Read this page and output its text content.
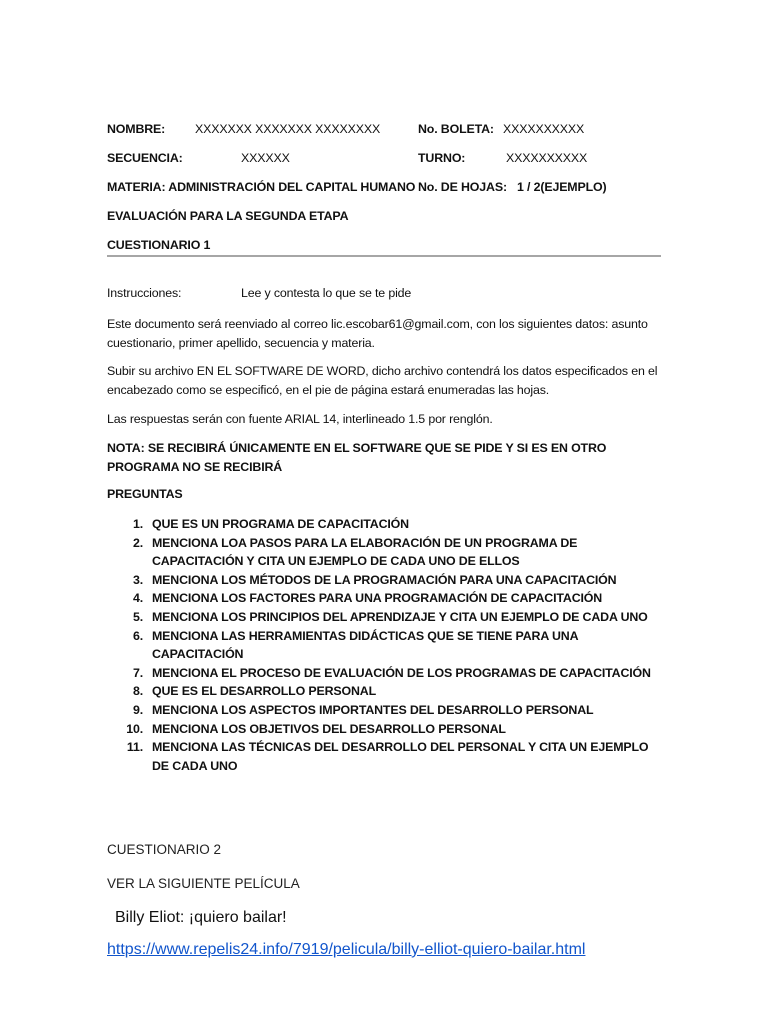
NOMBRE: XXXXXXX XXXXXXX XXXXXXXX	No. BOLETA: XXXXXXXXXX
SECUENCIA:	XXXXXX	TURNO:	XXXXXXXXXX
MATERIA: ADMINISTRACIÓN DEL CAPITAL HUMANO No. DE HOJAS: 1 / 2(EJEMPLO)
EVALUACIÓN PARA LA SEGUNDA ETAPA
CUESTIONARIO 1
Instrucciones:	Lee y contesta lo que se te pide
Este documento será reenviado al correo lic.escobar61@gmail.com, con los siguientes datos: asunto cuestionario, primer apellido, secuencia y materia.
Subir su archivo EN EL SOFTWARE DE WORD, dicho archivo contendrá los datos especificados en el encabezado como se especificó, en el pie de página estará enumeradas las hojas.
Las respuestas serán con fuente ARIAL 14, interlineado 1.5 por renglón.
NOTA: SE RECIBIRÁ ÚNICAMENTE EN EL SOFTWARE QUE SE PIDE Y SI ES EN OTRO PROGRAMA NO SE RECIBIRÁ
PREGUNTAS
1. QUE ES UN PROGRAMA DE CAPACITACIÓN
2. MENCIONA LOA PASOS PARA LA ELABORACIÓN DE UN PROGRAMA DE CAPACITACIÓN Y CITA UN EJEMPLO DE CADA UNO DE ELLOS
3. MENCIONA LOS MÉTODOS DE LA PROGRAMACIÓN PARA UNA CAPACITACIÓN
4. MENCIONA LOS FACTORES PARA UNA PROGRAMACIÓN DE CAPACITACIÓN
5. MENCIONA LOS PRINCIPIOS DEL APRENDIZAJE Y CITA UN EJEMPLO DE CADA UNO
6. MENCIONA LAS HERRAMIENTAS DIDÁCTICAS QUE SE TIENE PARA UNA CAPACITACIÓN
7. MENCIONA EL PROCESO DE EVALUACIÓN DE LOS PROGRAMAS DE CAPACITACIÓN
8. QUE ES EL DESARROLLO PERSONAL
9. MENCIONA LOS ASPECTOS IMPORTANTES DEL DESARROLLO PERSONAL
10. MENCIONA LOS OBJETIVOS DEL DESARROLLO PERSONAL
11. MENCIONA LAS TÉCNICAS DEL DESARROLLO DEL PERSONAL Y CITA UN EJEMPLO DE CADA UNO
CUESTIONARIO 2
VER LA SIGUIENTE PELÍCULA
Billy Eliot: ¡quiero bailar!
https://www.repelis24.info/7919/pelicula/billy-elliot-quiero-bailar.html
